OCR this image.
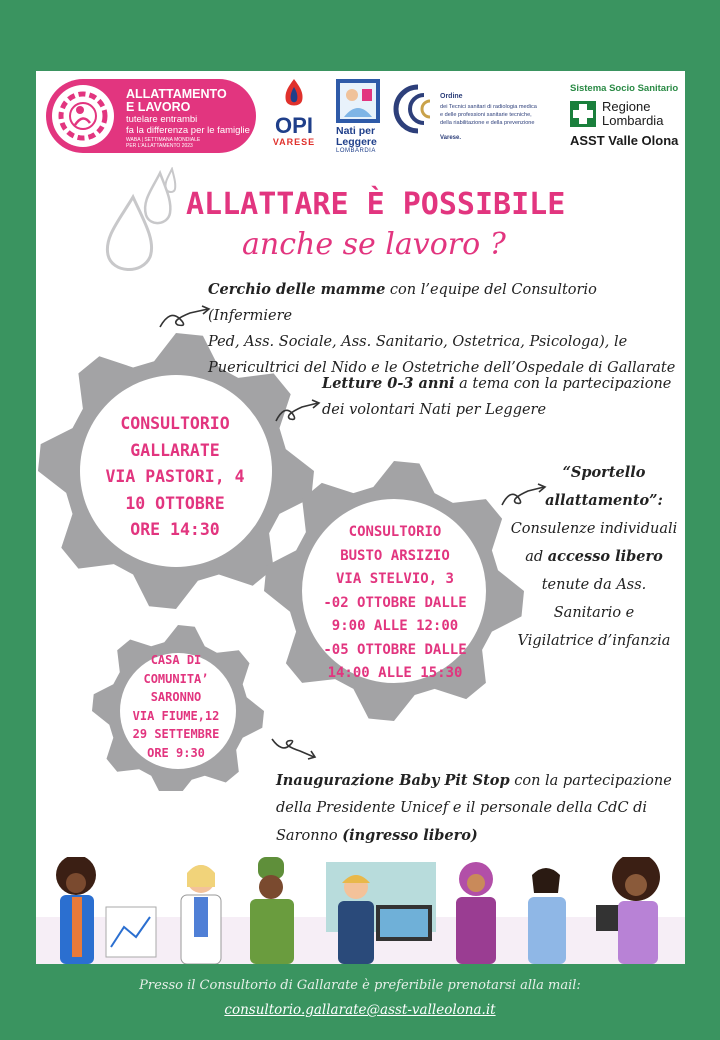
ALLATTAMENTO
E LAVORO
tutelare entrambi
fa la differenza per le famiglie
WABA | SETTIMANA MONDIALE
PER L'ALLATTAMENTO 2023
OPI
VARESE
Nati per
Leggere
LOMBARDIA
Ordine
dei Tecnici sanitari di radiologia medica
e delle professioni sanitarie tecniche,
della riabilitazione e della prevenzione
Varese.
Sistema Socio Sanitario
Regione
Lombardia
ASST Valle Olona
ALLATTARE È POSSIBILE
anche se lavoro ?
CONSULTORIO
GALLARATE
VIA PASTORI, 4
10 OTTOBRE
ORE 14:30	CONSULTORIO
BUSTO ARSIZIO
VIA STELVIO, 3
-02 OTTOBRE DALLE
9:00 ALLE 12:00
-05 OTTOBRE DALLE
14:00 ALLE 15:30
CASA DI
COMUNITA’
SARONNO
VIA FIUME,12
29 SETTEMBRE
ORE 9:30
Cerchio delle mamme con l’equipe del Consultorio (Infermiere
Ped, Ass. Sociale, Ass. Sanitario, Ostetrica, Psicologa), le
Puericultrici del Nido e le Ostetriche dell’Ospedale di Gallarate
Letture 0-3 anni a tema con la partecipazione
dei volontari Nati per Leggere
“Sportello
allattamento”:
Consulenze individuali
ad accesso libero
tenute da Ass.
Sanitario e
Vigilatrice d’infanzia
Inaugurazione Baby Pit Stop con la partecipazione
della Presidente Unicef e il personale della CdC di
Saronno (ingresso libero)
Presso il Consultorio di Gallarate è preferibile prenotarsi alla mail:
consultorio.gallarate@asst-valleolona.it
